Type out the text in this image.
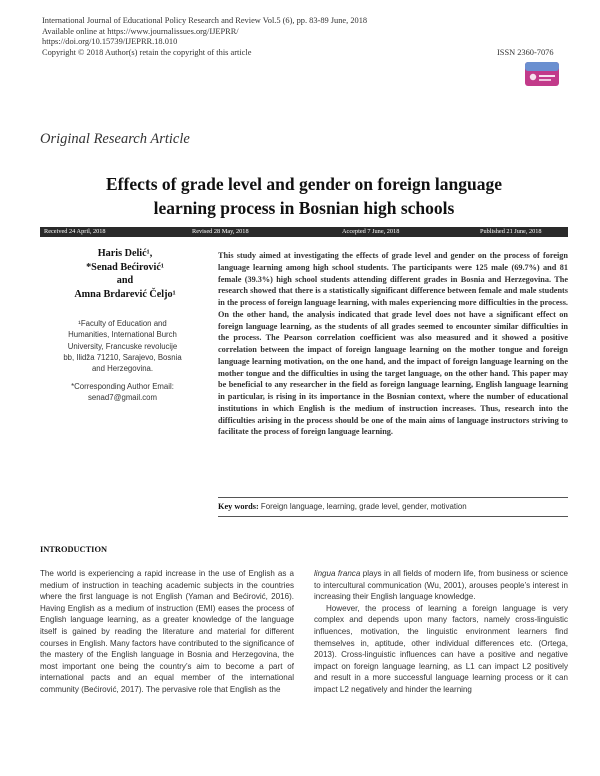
International Journal of Educational Policy Research and Review Vol.5 (6), pp. 83-89 June, 2018
Available online at https://www.journalissues.org/IJEPRR/
https://doi.org/10.15739/IJEPRR.18.010
Copyright © 2018 Author(s) retain the copyright of this article	ISSN 2360-7076
Original Research Article
Effects of grade level and gender on foreign language
learning process in Bosnian high schools
Received 24 April, 2018	Revised 28 May, 2018	Accepted 7 June, 2018	Published 21 June, 2018
Haris Delić¹,
*Senad Bećirović¹
and
Amna Brdarević Čeljo¹
¹Faculty of Education and
Humanities, International Burch
University, Francuske revolucije
bb, Ilidža 71210, Sarajevo, Bosnia
and Herzegovina.
*Corresponding Author Email:
senad7@gmail.com
This study aimed at investigating the effects of grade level and gender on the process of foreign language learning among high school students. The participants were 125 male (69.7%) and 81 female (39.3%) high school students attending different grades in Bosnia and Herzegovina. The research showed that there is a statistically significant difference between female and male students in the process of foreign language learning, with males experiencing more difficulties in the process. On the other hand, the analysis indicated that grade level does not have a significant effect on foreign language learning, as the students of all grades seemed to encounter similar difficulties in the process. The Pearson correlation coefficient was also measured and it showed a positive correlation between the impact of foreign language learning on the mother tongue and foreign language learning motivation, on the one hand, and the impact of foreign language learning on the mother tongue and the difficulties in using the target language, on the other hand. This paper may be beneficial to any researcher in the field as foreign language learning, English language learning in particular, is rising in its importance in the Bosnian context, where the number of educational institutions in which English is the medium of instruction increases. Thus, research into the difficulties arising in the process should be one of the main aims of language instructors striving to facilitate the process of foreign language learning.
Key words: Foreign language, learning, grade level, gender, motivation
INTRODUCTION

The world is experiencing a rapid increase in the use of English as a medium of instruction in teaching academic subjects in the countries where the first language is not English (Yaman and Bećirović, 2016). Having English as a medium of instruction (EMI) eases the process of English language learning, as a greater knowledge of the language itself is gained by reading the literature and material for different courses in English. Many factors have contributed to the significance of the mastery of the English language in Bosnia and Herzegovina, the most important one being the country’s aim to become a part of international pacts and an equal member of the international community (Bećirović, 2017). The pervasive role that English as the

lingua franca plays in all fields of modern life, from business or science to intercultural communication (Wu, 2001), arouses people’s interest in increasing their English language knowledge.

However, the process of learning a foreign language is very complex and depends upon many factors, namely cross-linguistic influences, motivation, the linguistic environment learners find themselves in, aptitude, other individual differences etc. (Ortega, 2013). Cross-linguistic influences can have a positive and negative impact on foreign language learning, as L1 can impact L2 positively and result in a more successful language learning process or it can impact L2 negatively and hinder the learning
